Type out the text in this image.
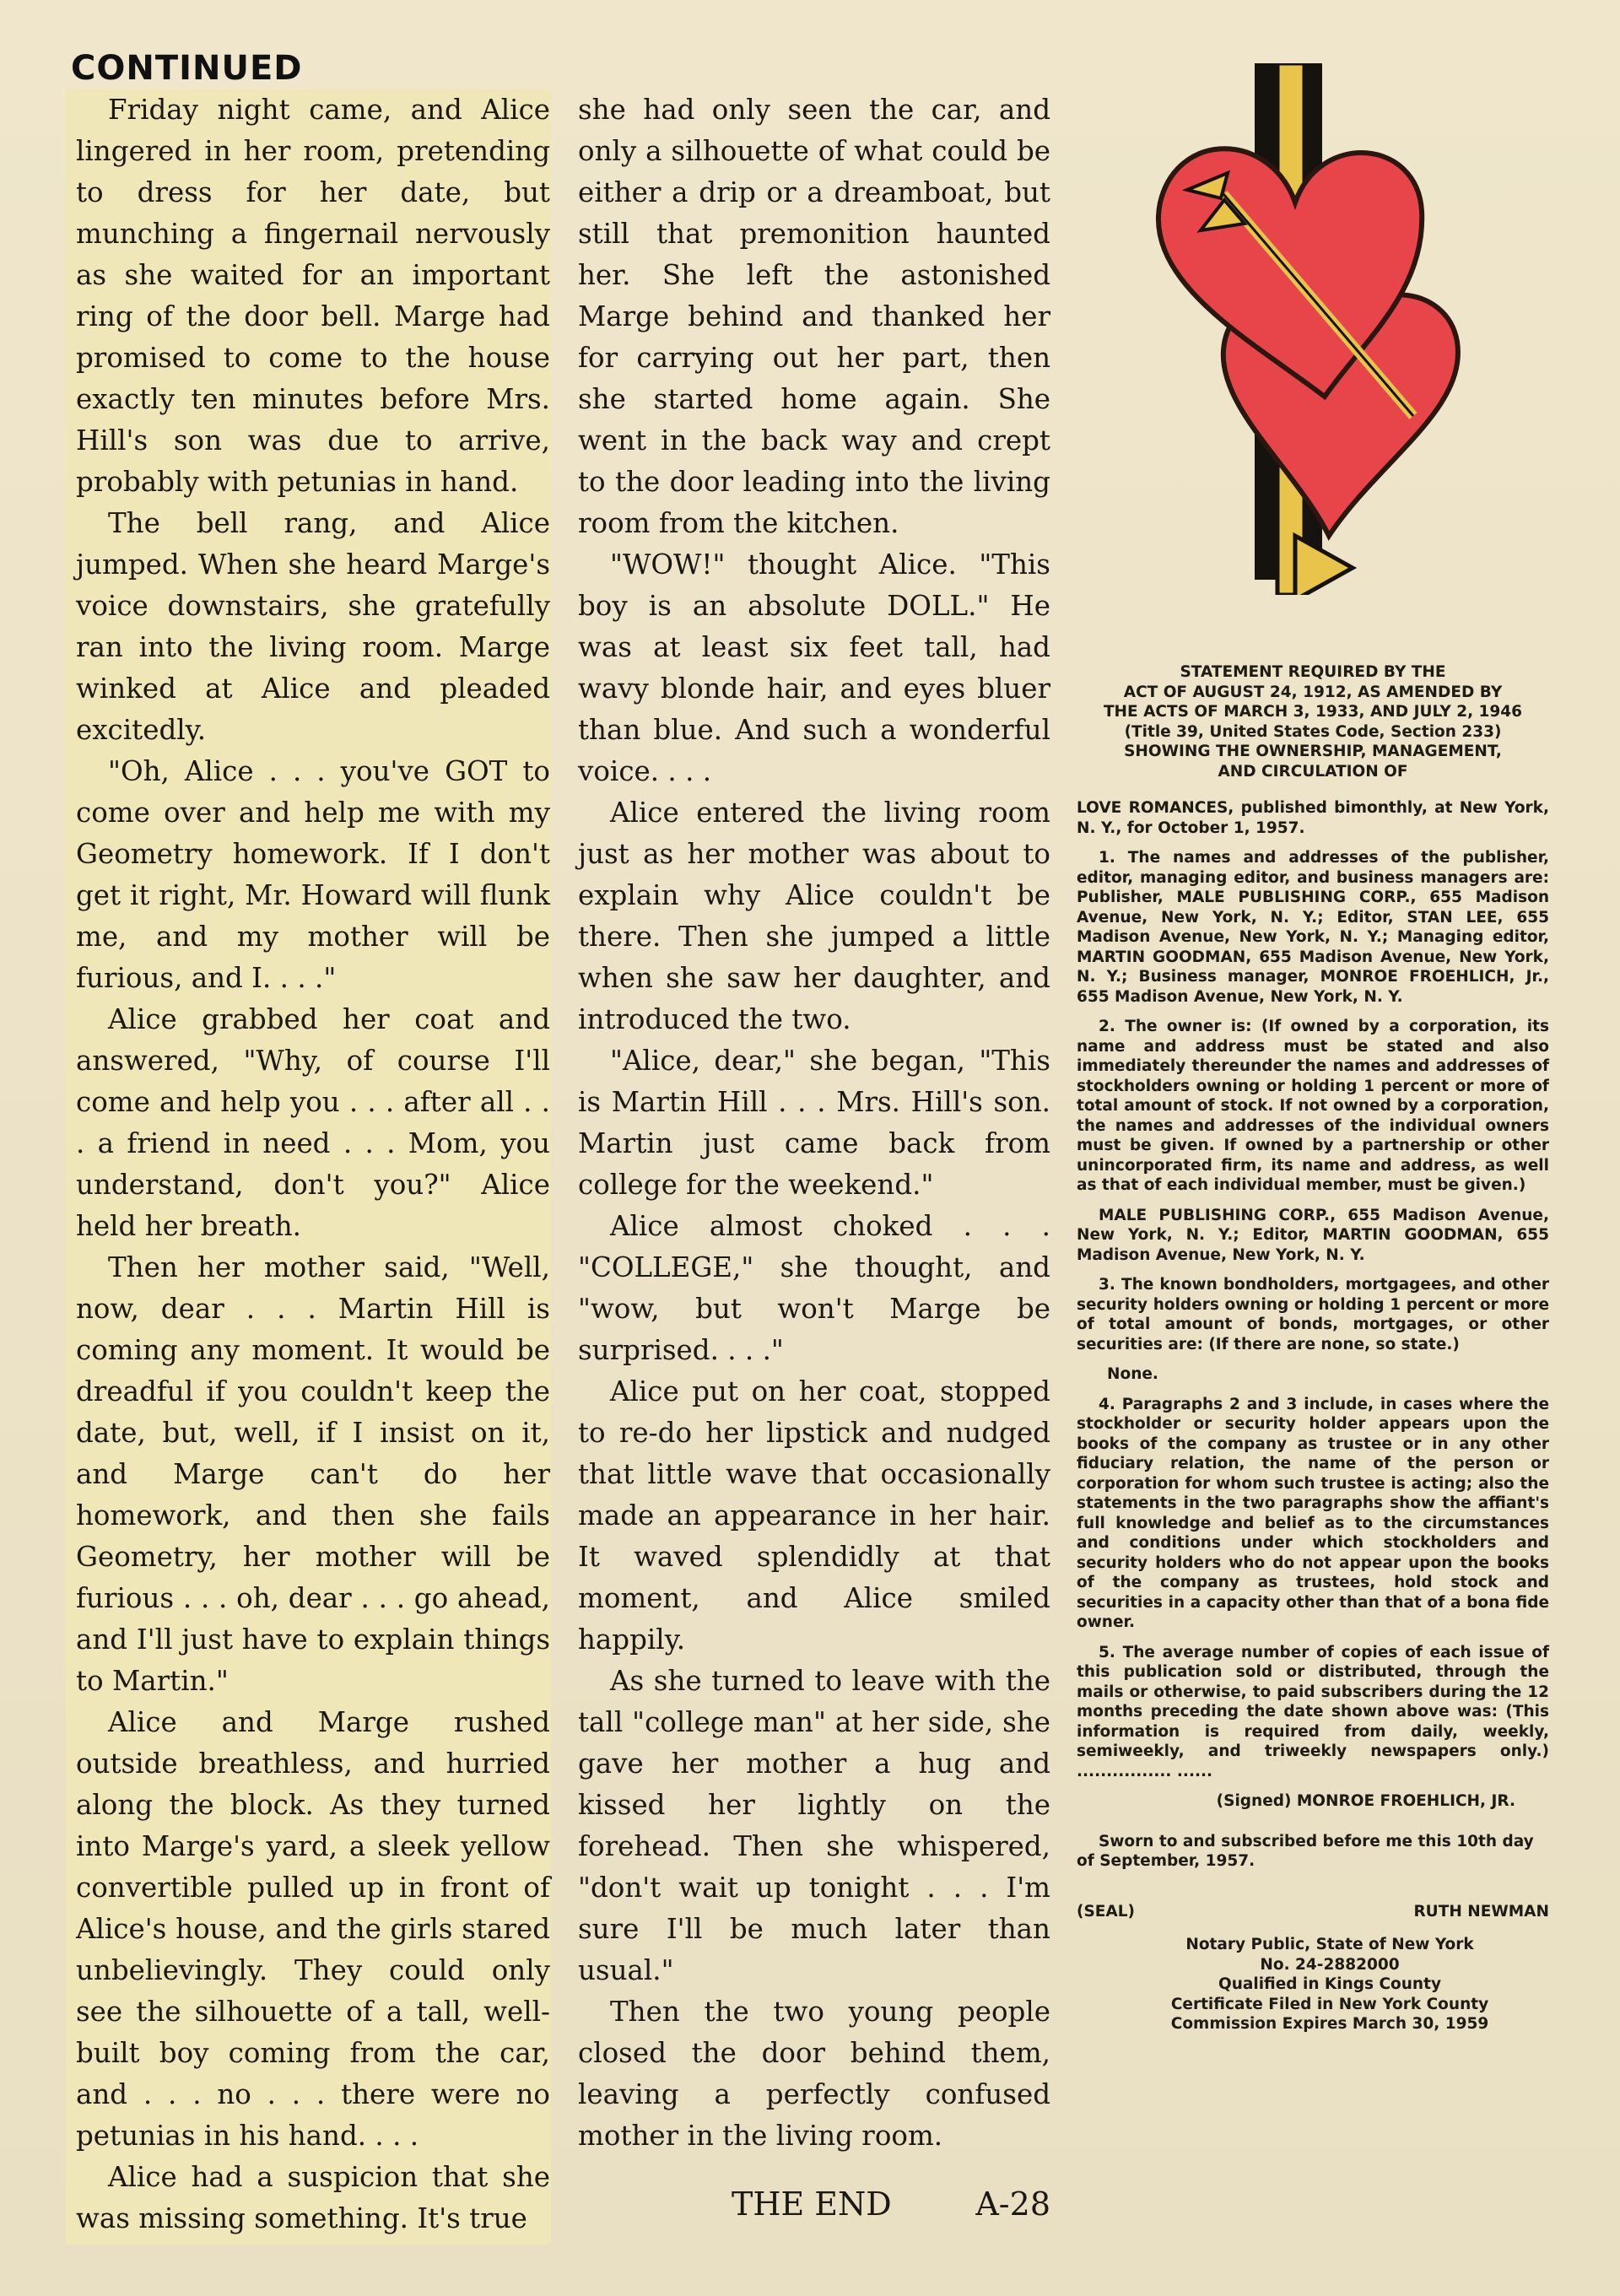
CONTINUED

Friday night came, and Alice lingered in her room, pretending to dress for her date, but munching a fingernail nervously as she waited for an important ring of the door bell. Marge had promised to come to the house exactly ten minutes before Mrs. Hill's son was due to arrive, probably with petunias in hand.

The bell rang, and Alice jumped. When she heard Marge's voice downstairs, she gratefully ran into the living room. Marge winked at Alice and pleaded excitedly.

"Oh, Alice . . . you've GOT to come over and help me with my Geometry homework. If I don't get it right, Mr. Howard will flunk me, and my mother will be furious, and I. . . ."

Alice grabbed her coat and answered, "Why, of course I'll come and help you . . . after all . . . a friend in need . . . Mom, you understand, don't you?" Alice held her breath.

Then her mother said, "Well, now, dear . . . Martin Hill is coming any moment. It would be dreadful if you couldn't keep the date, but, well, if I insist on it, and Marge can't do her homework, and then she fails Geometry, her mother will be furious . . . oh, dear . . . go ahead, and I'll just have to explain things to Martin."

Alice and Marge rushed outside breathless, and hurried along the block. As they turned into Marge's yard, a sleek yellow convertible pulled up in front of Alice's house, and the girls stared unbelievingly. They could only see the silhouette of a tall, well-built boy coming from the car, and . . . no . . . there were no petunias in his hand. . . .

Alice had a suspicion that she was missing something. It's true

she had only seen the car, and only a silhouette of what could be either a drip or a dreamboat, but still that premonition haunted her. She left the astonished Marge behind and thanked her for carrying out her part, then she started home again. She went in the back way and crept to the door leading into the living room from the kitchen.

"WOW!" thought Alice. "This boy is an absolute DOLL." He was at least six feet tall, had wavy blonde hair, and eyes bluer than blue. And such a wonderful voice. . . .

Alice entered the living room just as her mother was about to explain why Alice couldn't be there. Then she jumped a little when she saw her daughter, and introduced the two.

"Alice, dear," she began, "This is Martin Hill . . . Mrs. Hill's son. Martin just came back from college for the weekend."

Alice almost choked . . . "COLLEGE," she thought, and "wow, but won't Marge be surprised. . . ."

Alice put on her coat, stopped to re-do her lipstick and nudged that little wave that occasionally made an appearance in her hair. It waved splendidly at that moment, and Alice smiled happily.

As she turned to leave with the tall "college man" at her side, she gave her mother a hug and kissed her lightly on the forehead. Then she whispered, "don't wait up tonight . . . I'm sure I'll be much later than usual."

Then the two young people closed the door behind them, leaving a perfectly confused mother in the living room.

THE END	A-28

STATEMENT REQUIRED BY THE

ACT OF AUGUST 24, 1912, AS AMENDED BY

THE ACTS OF MARCH 3, 1933, AND JULY 2, 1946

(Title 39, United States Code, Section 233)

SHOWING THE OWNERSHIP, MANAGEMENT,

AND CIRCULATION OF

LOVE ROMANCES, published bimonthly, at New York, N. Y., for October 1, 1957.

1. The names and addresses of the publisher, editor, managing editor, and business managers are: Publisher, MALE PUBLISHING CORP., 655 Madison Avenue, New York, N. Y.; Editor, STAN LEE, 655 Madison Avenue, New York, N. Y.; Managing editor, MARTIN GOODMAN, 655 Madison Avenue, New York, N. Y.; Business manager, MONROE FROEHLICH, Jr., 655 Madison Avenue, New York, N. Y.

2. The owner is: (If owned by a corporation, its name and address must be stated and also immediately thereunder the names and addresses of stockholders owning or holding 1 percent or more of total amount of stock. If not owned by a corporation, the names and addresses of the individual owners must be given. If owned by a partnership or other unincorporated firm, its name and address, as well as that of each individual member, must be given.)

MALE PUBLISHING CORP., 655 Madison Avenue, New York, N. Y.; Editor, MARTIN GOODMAN, 655 Madison Avenue, New York, N. Y.

3. The known bondholders, mortgagees, and other security holders owning or holding 1 percent or more of total amount of bonds, mortgages, or other securities are: (If there are none, so state.)

None.

4. Paragraphs 2 and 3 include, in cases where the stockholder or security holder appears upon the books of the company as trustee or in any other fiduciary relation, the name of the person or corporation for whom such trustee is acting; also the statements in the two paragraphs show the affiant's full knowledge and belief as to the circumstances and conditions under which stockholders and security holders who do not appear upon the books of the company as trustees, hold stock and securities in a capacity other than that of a bona fide owner.

5. The average number of copies of each issue of this publication sold or distributed, through the mails or otherwise, to paid subscribers during the 12 months preceding the date shown above was: (This information is required from daily, weekly, semiweekly, and triweekly newspapers only.) ................ ......

(Signed) MONROE FROEHLICH, JR.

Sworn to and subscribed before me this 10th day of September, 1957.

(SEAL)	RUTH NEWMAN
Notary Public, State of New York
No. 24-2882000
Qualified in Kings County
Certificate Filed in New York County
Commission Expires March 30, 1959
